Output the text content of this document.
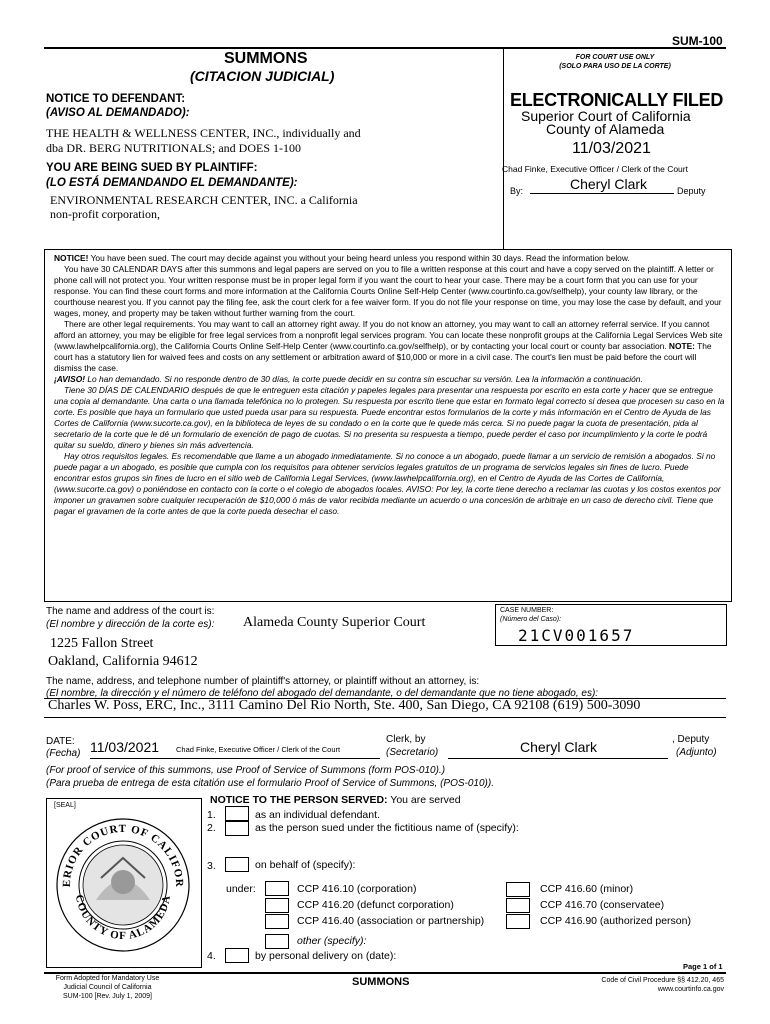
SUM-100
SUMMONS
(CITACION JUDICIAL)
FOR COURT USE ONLY
(SOLO PARA USO DE LA CORTE)
ELECTRONICALLY FILED
Superior Court of California
County of Alameda
11/03/2021
Chad Finke, Executive Officer / Clerk of the Court
By:	Cheryl Clark	Deputy
NOTICE TO DEFENDANT:
(AVISO AL DEMANDADO):
THE HEALTH & WELLNESS CENTER, INC., individually and
dba DR. BERG NUTRITIONALS; and DOES 1-100
YOU ARE BEING SUED BY PLAINTIFF:
(LO ESTÁ DEMANDANDO EL DEMANDANTE):
ENVIRONMENTAL RESEARCH CENTER, INC. a California
non-profit corporation,

NOTICE! You have been sued. The court may decide against you without your being heard unless you respond within 30 days. Read the information below.

You have 30 CALENDAR DAYS after this summons and legal papers are served on you to file a written response at this court and have a copy served on the plaintiff. A letter or phone call will not protect you. Your written response must be in proper legal form if you want the court to hear your case. There may be a court form that you can use for your response. You can find these court forms and more information at the California Courts Online Self-Help Center (www.courtinfo.ca.gov/selfhelp), your county law library, or the courthouse nearest you. If you cannot pay the filing fee, ask the court clerk for a fee waiver form. If you do not file your response on time, you may lose the case by default, and your wages, money, and property may be taken without further warning from the court.

There are other legal requirements. You may want to call an attorney right away. If you do not know an attorney, you may want to call an attorney referral service. If you cannot afford an attorney, you may be eligible for free legal services from a nonprofit legal services program. You can locate these nonprofit groups at the California Legal Services Web site (www.lawhelpcalifornia.org), the California Courts Online Self-Help Center (www.courtinfo.ca.gov/selfhelp), or by contacting your local court or county bar association. NOTE: The court has a statutory lien for waived fees and costs on any settlement or arbitration award of $10,000 or more in a civil case. The court's lien must be paid before the court will dismiss the case.

¡AVISO! Lo han demandado. Si no responde dentro de 30 días, la corte puede decidir en su contra sin escuchar su versión. Lea la información a continuación.

Tiene 30 DÍAS DE CALENDARIO después de que le entreguen esta citación y papeles legales para presentar una respuesta por escrito en esta corte y hacer que se entregue una copia al demandante. Una carta o una llamada telefónica no lo protegen. Su respuesta por escrito tiene que estar en formato legal correcto si desea que procesen su caso en la corte. Es posible que haya un formulario que usted pueda usar para su respuesta. Puede encontrar estos formularios de la corte y más información en el Centro de Ayuda de las Cortes de California (www.sucorte.ca.gov), en la biblioteca de leyes de su condado o en la corte que le quede más cerca. Si no puede pagar la cuota de presentación, pida al secretario de la corte que le dé un formulario de exención de pago de cuotas. Si no presenta su respuesta a tiempo, puede perder el caso por incumplimiento y la corte le podrá quitar su sueldo, dinero y bienes sin más advertencia.

Hay otros requisitos legales. Es recomendable que llame a un abogado inmediatamente. Si no conoce a un abogado, puede llamar a un servicio de remisión a abogados. Si no puede pagar a un abogado, es posible que cumpla con los requisitos para obtener servicios legales gratuitos de un programa de servicios legales sin fines de lucro. Puede encontrar estos grupos sin fines de lucro en el sitio web de California Legal Services, (www.lawhelpcalifornia.org), en el Centro de Ayuda de las Cortes de California, (www.sucorte.ca.gov) o poniéndose en contacto con la corte o el colegio de abogados locales. AVISO: Por ley, la corte tiene derecho a reclamar las cuotas y los costos exentos por imponer un gravamen sobre cualquier recuperación de $10,000 ó más de valor recibida mediante un acuerdo o una concesión de arbitraje en un caso de derecho civil. Tiene que pagar el gravamen de la corte antes de que la corte pueda desechar el caso.

The name and address of the court is:
(El nombre y dirección de la corte es): Alameda County Superior Court
1225 Fallon Street
Oakland, California 94612
CASE NUMBER:
(Número del Caso):
21CV001657
The name, address, and telephone number of plaintiff's attorney, or plaintiff without an attorney, is:
(El nombre, la dirección y el número de teléfono del abogado del demandante, o del demandante que no tiene abogado, es):
Charles W. Poss, ERC, Inc., 3111 Camino Del Rio North, Ste. 400, San Diego, CA 92108 (619) 500-3090
DATE:
(Fecha) 11/03/2021 Chad Finke, Executive Officer / Clerk of the Court
Clerk, by
(Secretario)	Cheryl Clark	, Deputy
(Adjunto)
(For proof of service of this summons, use Proof of Service of Summons (form POS-010).)
(Para prueba de entrega de esta citatión use el formulario Proof of Service of Summons, (POS-010)).
[SEAL]
ERIOR COURT OF CALIFOR
COUNTY OF ALAMEDA
NOTICE TO THE PERSON SERVED: You are served
1.	as an individual defendant.
2.	as the person sued under the fictitious name of (specify):
3.	on behalf of (specify):
under:	CCP 416.10 (corporation)
CCP 416.20 (defunct corporation)
CCP 416.40 (association or partnership)
CCP 416.60 (minor)
CCP 416.70 (conservatee)
CCP 416.90 (authorized person)
other (specify):
4.	by personal delivery on (date):
Page 1 of 1
Form Adopted for Mandatory Use
Judicial Council of California
SUM-100 [Rev. July 1, 2009]
SUMMONS	Code of Civil Procedure §§ 412.20, 465
www.courtinfo.ca.gov
